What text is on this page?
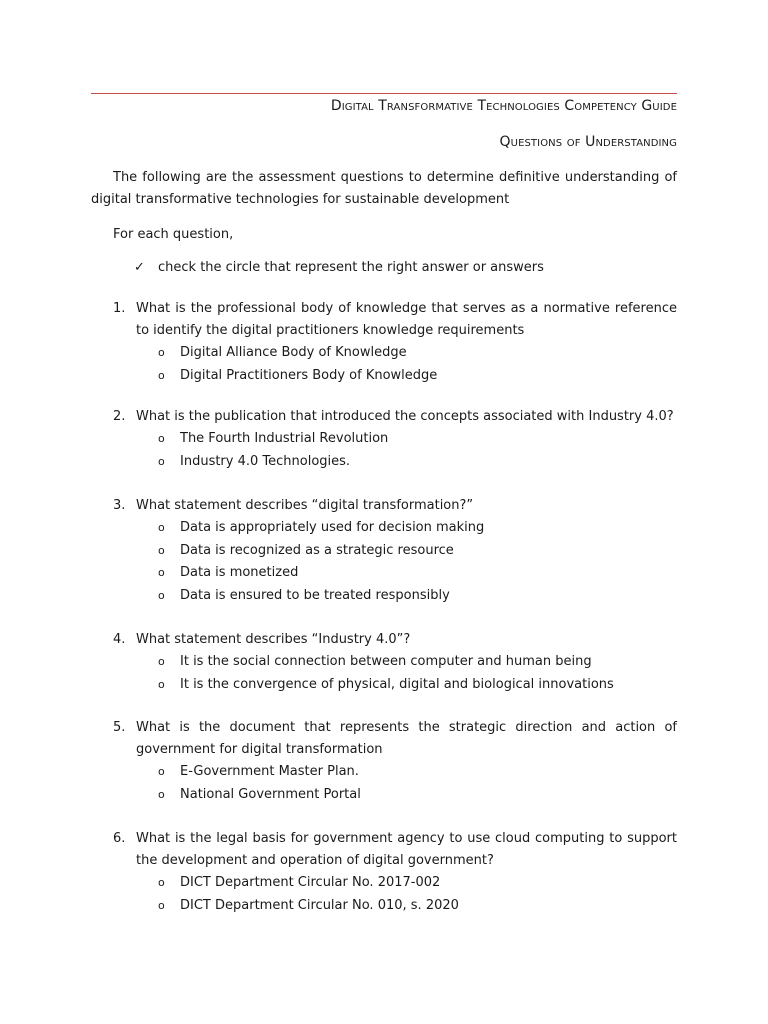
Digital Transformative Technologies Competency Guide
Questions of Understanding
The following are the assessment questions to determine definitive understanding of digital transformative technologies for sustainable development
For each question,
✓ check the circle that represent the right answer or answers
1. What is the professional body of knowledge that serves as a normative reference to identify the digital practitioners knowledge requirements
o Digital Alliance Body of Knowledge
o Digital Practitioners Body of Knowledge
2. What is the publication that introduced the concepts associated with Industry 4.0?
o The Fourth Industrial Revolution
o Industry 4.0 Technologies.
3. What statement describes “digital transformation?”
o Data is appropriately used for decision making
o Data is recognized as a strategic resource
o Data is monetized
o Data is ensured to be treated responsibly
4. What statement describes “Industry 4.0”?
o It is the social connection between computer and human being
o It is the convergence of physical, digital and biological innovations
5. What is the document that represents the strategic direction and action of government for digital transformation
o E-Government Master Plan.
o National Government Portal
6. What is the legal basis for government agency to use cloud computing to support the development and operation of digital government?
o DICT Department Circular No. 2017-002
o DICT Department Circular No. 010, s. 2020
